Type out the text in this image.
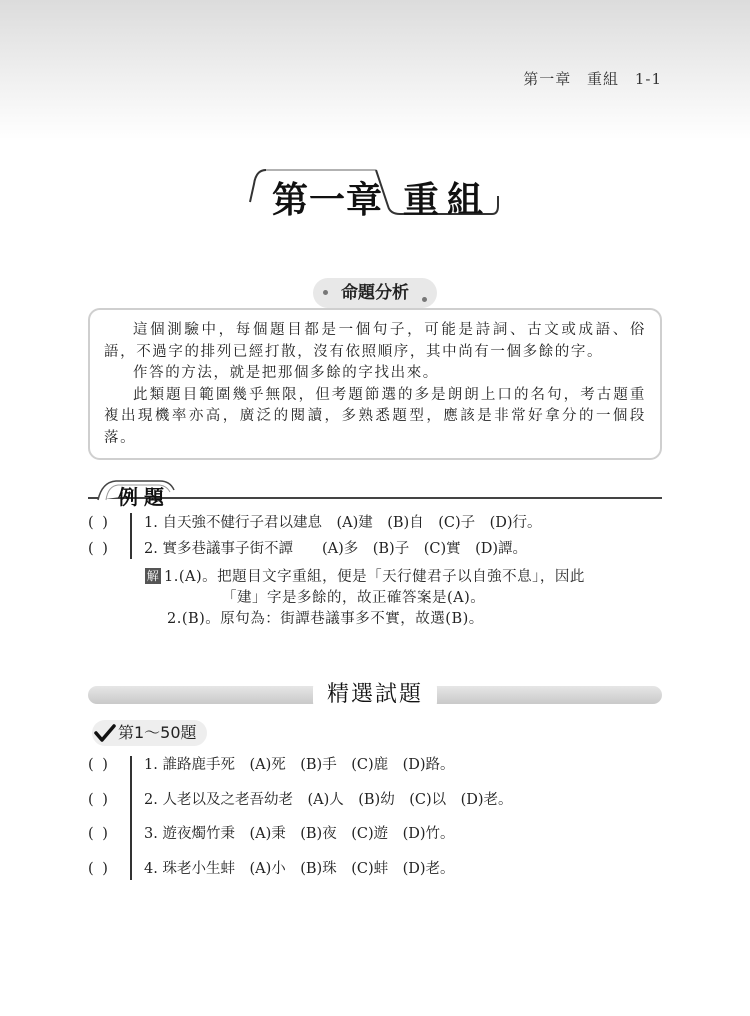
第一章 重組 1-1
第一章 重組
命題分析

這個測驗中，每個題目都是一個句子，可能是詩詞、古文或成語、俗語，不過字的排列已經打散，沒有依照順序，其中尚有一個多餘的字。

作答的方法，就是把那個多餘的字找出來。

此類題目範圍幾乎無限，但考題節選的多是朗朗上口的名句，考古題重複出現機率亦高，廣泛的閱讀，多熟悉題型，應該是非常好拿分的一個段落。

例題
( )	1. 自天強不健行子君以建息　(A)建　(B)自　(C)子　(D)行。
( )	2. 實多巷議事子街不譚　　(A)多　(B)子　(C)實　(D)譚。
解 1.(A)。把題目文字重組，便是「天行健君子以自強不息」，因此
「建」字是多餘的，故正確答案是(A)。
2.(B)。原句為：街譚巷議事多不實，故選(B)。
精選試題
第1～50題
( )	1. 誰路鹿手死　(A)死　(B)手　(C)鹿　(D)路。
( )	2. 人老以及之老吾幼老　(A)人　(B)幼　(C)以　(D)老。
( )	3. 遊夜燭竹秉　(A)秉　(B)夜　(C)遊　(D)竹。
( )	4. 珠老小生蚌　(A)小　(B)珠　(C)蚌　(D)老。
